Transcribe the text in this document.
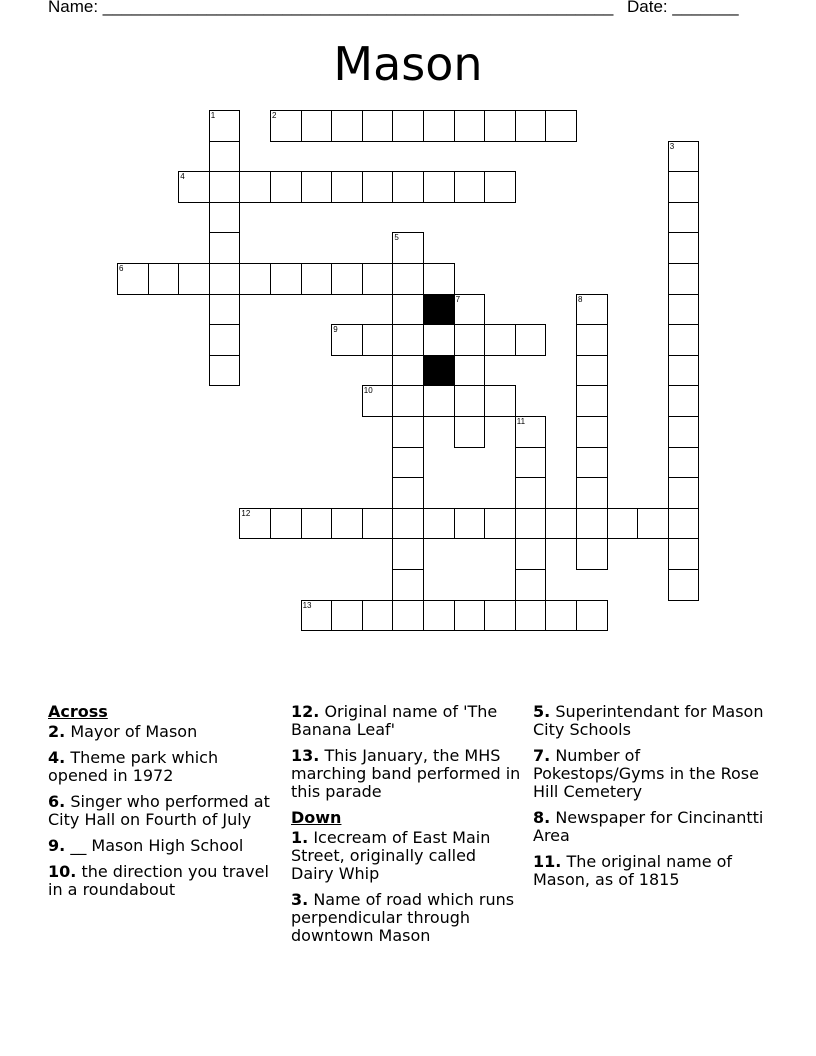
Name: ______________________________________________________ Date: _______
Mason
2
4
6
9
10
12
13
1
3
5
7	8
11
Across
2. Mayor of Mason
4. Theme park which opened in 1972
6. Singer who performed at City Hall on Fourth of July
9. __ Mason High School
10. the direction you travel in a roundabout
12. Original name of 'The Banana Leaf'
13. This January, the MHS marching band performed in this parade
Down
1. Icecream of East Main Street, originally called Dairy Whip
3. Name of road which runs perpendicular through downtown Mason
5. Superintendant for Mason City Schools
7. Number of Pokestops/Gyms in the Rose Hill Cemetery
8. Newspaper for Cincinantti Area
11. The original name of Mason, as of 1815
